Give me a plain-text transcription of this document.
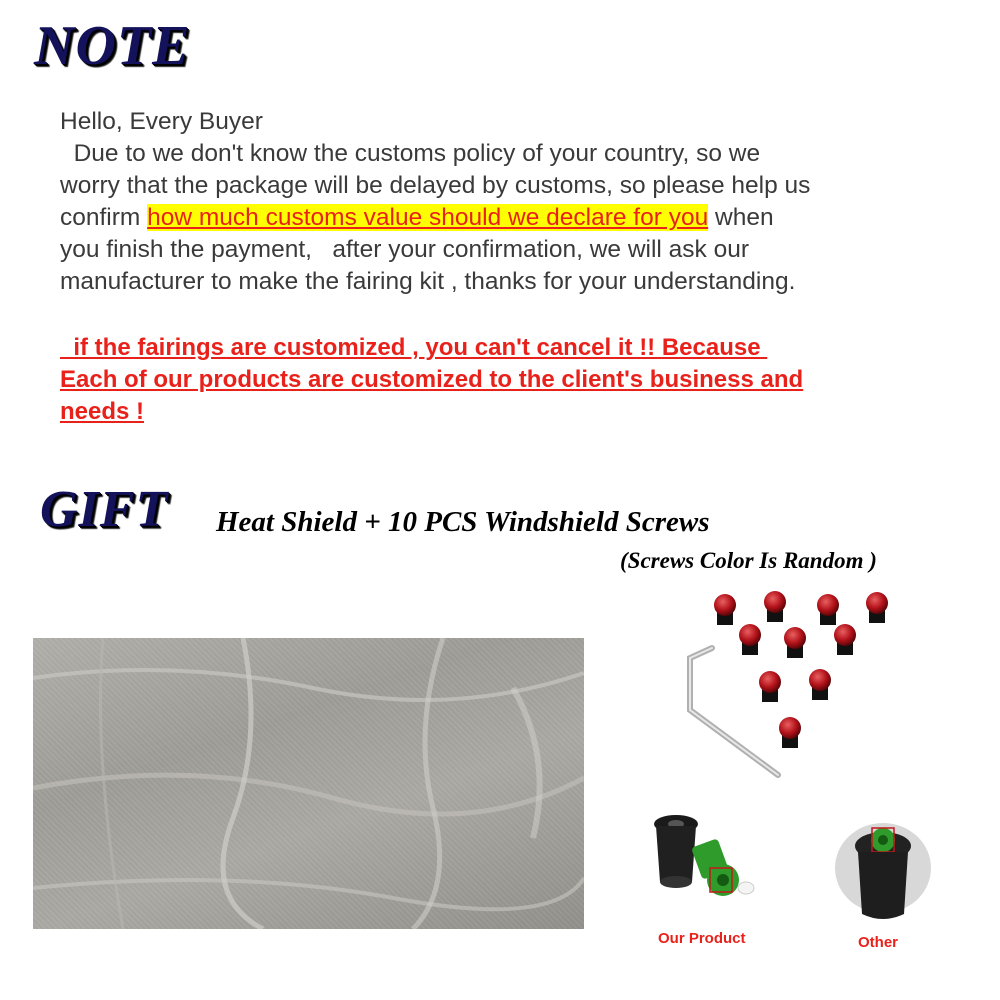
NOTE
Hello, Every Buyer
Due to we don't know the customs policy of your country, so we
worry that the package will be delayed by customs, so please help us
confirm how much customs value should we declare for you when
you finish the payment,   after your confirmation, we will ask our
manufacturer to make the fairing kit , thanks for your understanding.
if the fairings are customized , you can't cancel it !! Because
Each of our products are customized to the client's business and
needs !
GIFT Heat Shield + 10 PCS Windshield Screws
(Screws Color Is Random )
Our Product	Other
